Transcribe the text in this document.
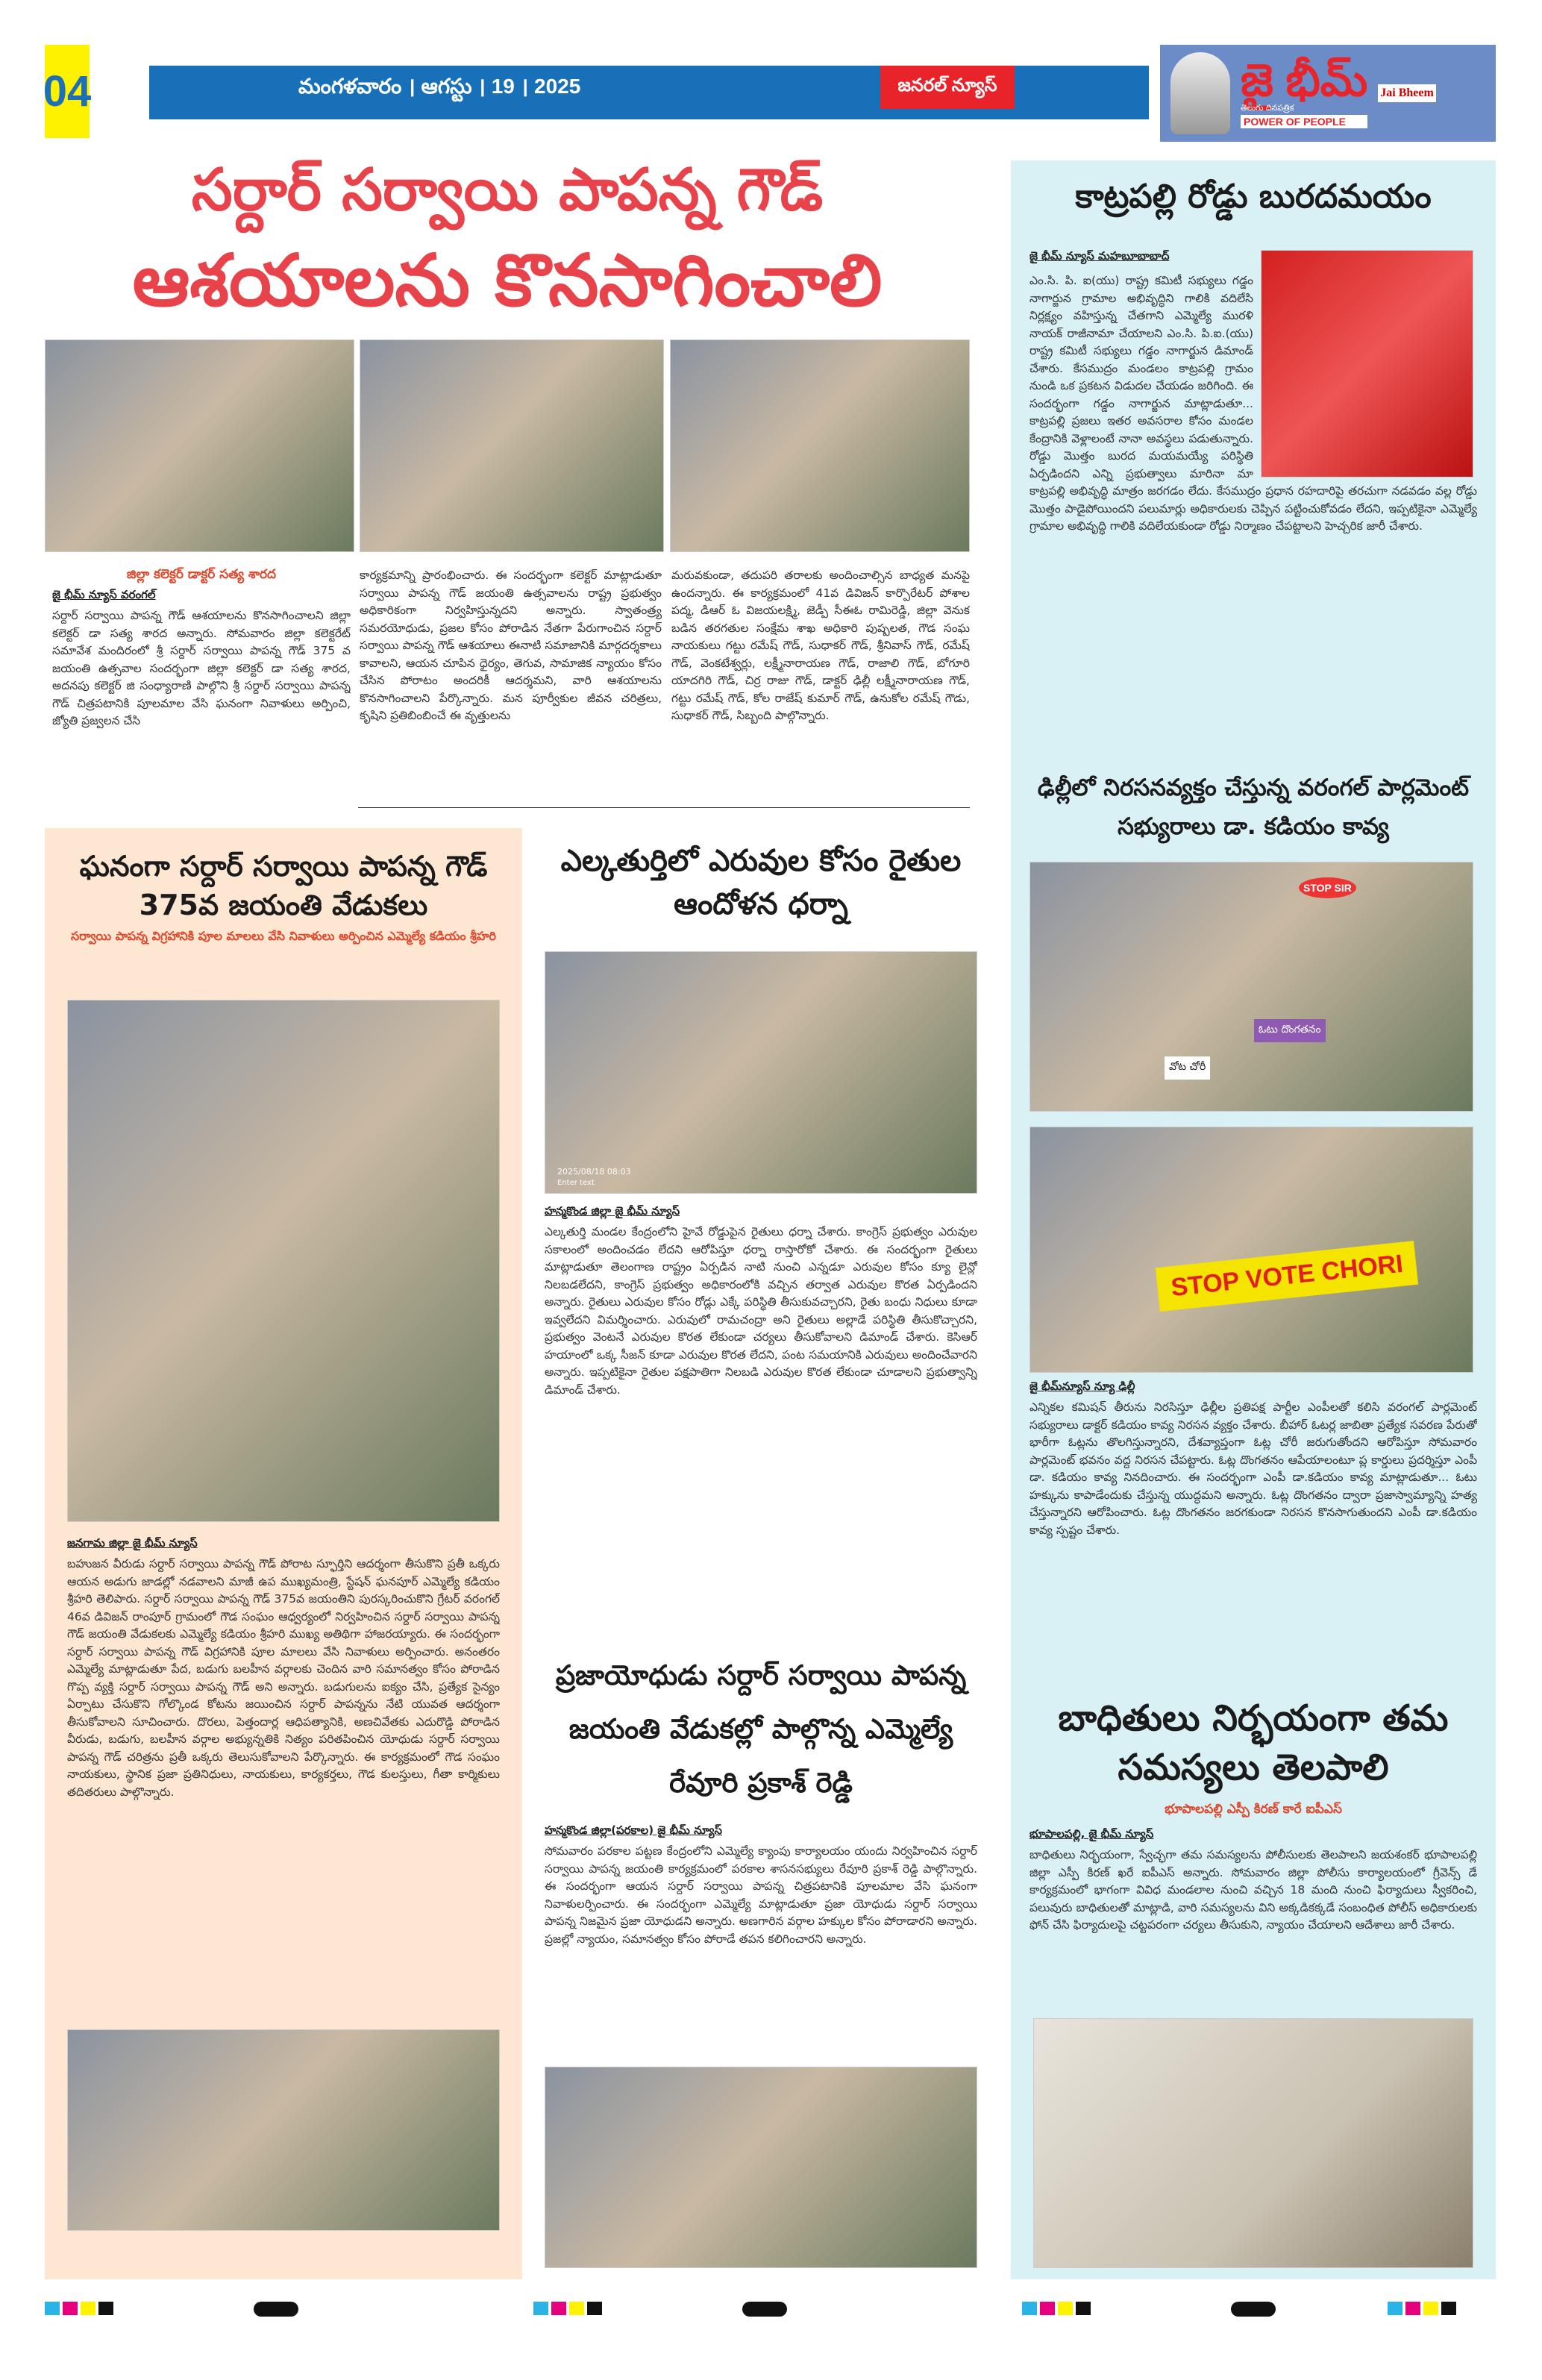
04	మంగళవారం । ఆగస్టు । 19 । 2025	జనరల్ న్యూస్	జై భీమ్
తెలుగు దినపత్రిక
POWER OF PEOPLE
Jai Bheem
సర్దార్ సర్వాయి పాపన్న గౌడ్
ఆశయాలను కొనసాగించాలి
జిల్లా కలెక్టర్ డాక్టర్ సత్య శారద
జై భీమ్ న్యూస్ వరంగల్
సర్దార్ సర్వాయి పాపన్న గౌడ్ ఆశయాలను కొనసాగించాలని జిల్లా కలెక్టర్ డా సత్య శారద అన్నారు. సోమవారం జిల్లా కలెక్టరేట్ సమావేశ మందిరంలో శ్రీ సర్దార్ సర్వాయి పాపన్న గౌడ్ 375 వ జయంతి ఉత్సవాల సందర్భంగా జిల్లా కలెక్టర్ డా సత్య శారద, అదనపు కలెక్టర్ జి సంధ్యారాణి పాల్గొని శ్రీ సర్దార్ సర్వాయి పాపన్న గౌడ్ చిత్రపటానికి పూలమాల వేసి ఘనంగా నివాళులు అర్పించి, జ్యోతి ప్రజ్వలన చేసి
కార్యక్రమాన్ని ప్రారంభించారు. ఈ సందర్భంగా కలెక్టర్ మాట్లాడుతూ సర్వాయి పాపన్న గౌడ్ జయంతి ఉత్సవాలను రాష్ట్ర ప్రభుత్వం అధికారికంగా నిర్వహిస్తున్నదని అన్నారు. స్వాతంత్ర్య సమరయోధుడు, ప్రజల కోసం పోరాడిన నేతగా పేరుగాంచిన సర్దార్ సర్వాయి పాపన్న గౌడ్ ఆశయాలు ఈనాటి సమాజానికి మార్గదర్శకాలు కావాలని, ఆయన చూపిన ధైర్యం, తెగువ, సామాజిక న్యాయం కోసం చేసిన పోరాటం అందరికీ ఆదర్శమని, వారి ఆశయాలను కొనసాగించాలని పేర్కొన్నారు. మన పూర్వీకుల జీవన చరిత్రలు, కృషిని ప్రతిబింబించే ఈ వృత్తులను
మరువకుండా, తదుపరి తరాలకు అందించాల్సిన బాధ్యత మనపై ఉందన్నారు. ఈ కార్యక్రమంలో 41వ డివిజన్ కార్పొరేటర్ పోశాల పద్మ, డిఆర్ ఓ విజయలక్ష్మి, జెడ్పీ సీఈఓ రామిరెడ్డి, జిల్లా వెనుక బడిన తరగతుల సంక్షేమ శాఖ అధికారి పుష్పలత, గౌడ సంఘ నాయకులు గట్టు రమేష్ గౌడ్, సుధాకర్ గౌడ్, శ్రీనివాస్ గౌడ్, రమేష్ గౌడ్, వెంకటేశ్వర్లు, లక్ష్మీనారాయణ గౌడ్, రాజాలి గౌడ్, బోగూరి యాదగిరి గౌడ్, చిర్ర రాజు గౌడ్, డాక్టర్ ఢిల్లీ లక్ష్మీనారాయణ గౌడ్, గట్టు రమేష్ గౌడ్, కోల రాజేష్ కుమార్ గౌడ్, ఉనుకోల రమేష్ గౌడు, సుధాకర్ గౌడ్, సిబ్బంది పాల్గొన్నారు.
ఘనంగా సర్దార్ సర్వాయి పాపన్న గౌడ్ 375వ జయంతి వేడుకలు
సర్వాయి పాపన్న విగ్రహానికి పూల మాలలు వేసి నివాళులు అర్పించిన ఎమ్మెల్యే కడియం శ్రీహరి
జనగామ జిల్లా జై భీమ్ న్యూస్
బహుజన వీరుడు సర్దార్ సర్వాయి పాపన్న గౌడ్ పోరాట స్ఫూర్తిని ఆదర్శంగా తీసుకొని ప్రతీ ఒక్కరు ఆయన అడుగు జాడల్లో నడవాలని మాజీ ఉప ముఖ్యమంత్రి, స్టేషన్ ఘనపూర్ ఎమ్మెల్యే కడియం శ్రీహరి తెలిపారు. సర్దార్ సర్వాయి పాపన్న గౌడ్ 375వ జయంతిని పురస్కరించుకొని గ్రేటర్ వరంగల్ 46వ డివిజన్ రాంపూర్ గ్రామంలో గౌడ సంఘం ఆధ్వర్యంలో నిర్వహించిన సర్దార్ సర్వాయి పాపన్న గౌడ్ జయంతి వేడుకలకు ఎమ్మెల్యే కడియం శ్రీహరి ముఖ్య అతిథిగా హాజరయ్యారు. ఈ సందర్భంగా సర్దార్ సర్వాయి పాపన్న గౌడ్ విగ్రహానికి పూల మాలలు వేసి నివాళులు అర్పించారు. అనంతరం ఎమ్మెల్యే మాట్లాడుతూ పేద, బడుగు బలహీన వర్గాలకు చెందిన వారి సమానత్వం కోసం పోరాడిన గొప్ప వ్యక్తి సర్దార్ సర్వాయి పాపన్న గౌడ్ అని అన్నారు. బడుగులను ఐక్యం చేసి, ప్రత్యేక సైన్యం ఏర్పాటు చేసుకొని గోల్కొండ కోటను జయించిన సర్దార్ పాపన్నను నేటి యువత ఆదర్శంగా తీసుకోవాలని సూచించారు. దొరలు, పెత్తందార్ల ఆధిపత్యానికి, అణచివేతకు ఎదురొడ్డి పోరాడిన వీరుడు, బడుగు, బలహీన వర్గాల అభ్యున్నతికి నిత్యం పరితపించిన యోధుడు సర్దార్ సర్వాయి పాపన్న గౌడ్ చరిత్రను ప్రతీ ఒక్కరు తెలుసుకోవాలని పేర్కొన్నారు. ఈ కార్యక్రమంలో గౌడ సంఘం నాయకులు, స్థానిక ప్రజా ప్రతినిధులు, నాయకులు, కార్యకర్తలు, గౌడ కులస్తులు, గీతా కార్మికులు తదితరులు పాల్గొన్నారు.
ఎల్కతుర్తిలో ఎరువుల కోసం రైతుల ఆందోళన ధర్నా
2025/08/18 08:03
Enter text
హన్మకొండ జిల్లా జై భీమ్ న్యూస్
ఎల్కతుర్తి మండల కేంద్రంలోని హైవే రోడ్డుపైన రైతులు ధర్నా చేశారు. కాంగ్రెస్ ప్రభుత్వం ఎరువుల సకాలంలో అందించడం లేదని ఆరోపిస్తూ ధర్నా రాస్తారోకో చేశారు. ఈ సందర్భంగా రైతులు మాట్లాడుతూ తెలంగాణ రాష్ట్రం ఏర్పడిన నాటి నుంచి ఎన్నడూ ఎరువుల కోసం క్యూ లైన్లో నిలబడలేదని, కాంగ్రెస్ ప్రభుత్వం అధికారంలోకి వచ్చిన తర్వాత ఎరువుల కొరత ఏర్పడిందని అన్నారు. రైతులు ఎరువుల కోసం రోడ్లు ఎక్కే పరిస్థితి తీసుకువచ్చారని, రైతు బంధు నిధులు కూడా ఇవ్వలేదని విమర్శించారు. ఎరువులో రామచంద్రా అని రైతులు అల్లాడే పరిస్థితి తీసుకొచ్చారని, ప్రభుత్వం వెంటనే ఎరువుల కొరత లేకుండా చర్యలు తీసుకోవాలని డిమాండ్ చేశారు. కెసిఆర్ హయాంలో ఒక్క సీజన్ కూడా ఎరువుల కొరత లేదని, పంట సమయానికి ఎరువులు అందించేవారని అన్నారు. ఇప్పటికైనా రైతుల పక్షపాతిగా నిలబడి ఎరువుల కొరత లేకుండా చూడాలని ప్రభుత్వాన్ని డిమాండ్ చేశారు.
ప్రజాయోధుడు సర్దార్ సర్వాయి పాపన్న జయంతి వేడుకల్లో పాల్గొన్న ఎమ్మెల్యే రేవూరి ప్రకాశ్ రెడ్డి
హన్మకొండ జిల్లా(పరకాల) జై భీమ్ న్యూస్
సోమవారం పరకాల పట్టణ కేంద్రంలోని ఎమ్మెల్యే క్యాంపు కార్యాలయం యందు నిర్వహించిన సర్దార్ సర్వాయి పాపన్న జయంతి కార్యక్రమంలో పరకాల శాసనసభ్యులు రేవూరి ప్రకాశ్ రెడ్డి పాల్గొన్నారు. ఈ సందర్భంగా ఆయన సర్దార్ సర్వాయి పాపన్న చిత్రపటానికి పూలమాల వేసి ఘనంగా నివాళులర్పించారు. ఈ సందర్భంగా ఎమ్మెల్యే మాట్లాడుతూ ప్రజా యోధుడు సర్దార్ సర్వాయి పాపన్న నిజమైన ప్రజా యోధుడని అన్నారు. అణగారిన వర్గాల హక్కుల కోసం పోరాడారని అన్నారు. ప్రజల్లో న్యాయం, సమానత్వం కోసం పోరాడే తపన కలిగించారని అన్నారు.
కాట్రపల్లి రోడ్డు బురదమయం
జై భీమ్ న్యూస్ మహబూబాబాద్
ఎం.సి. పి. ఐ(యు) రాష్ట్ర కమిటీ సభ్యులు గడ్డం నాగార్జున గ్రామాల అభివృద్ధిని గాలికి వదిలేసి నిర్లక్ష్యం వహిస్తున్న చేతగాని ఎమ్మెల్యే మురళి నాయక్ రాజీనామా చేయాలని ఎం.సి. పి.ఐ.(యు) రాష్ట్ర కమిటీ సభ్యులు గడ్డం నాగార్జున డిమాండ్ చేశారు. కేసముద్రం మండలం కాట్రపల్లి గ్రామం నుండి ఒక ప్రకటన విడుదల చేయడం జరిగింది. ఈ సందర్భంగా గడ్డం నాగార్జున మాట్లాడుతూ... కాట్రపల్లి ప్రజలు ఇతర అవసరాల కోసం మండల కేంద్రానికి వెళ్లాలంటే నానా అవస్థలు పడుతున్నారు. రోడ్డు మొత్తం బురద మయమయ్యే పరిస్థితి ఏర్పడిందని ఎన్ని ప్రభుత్వాలు మారినా మా కాట్రపల్లి అభివృద్ధి మాత్రం జరగడం లేదు. కేసముద్రం ప్రధాన రహదారిపై తరచుగా నడవడం వల్ల రోడ్డు మొత్తం పాడైపోయిందని పలుమార్లు అధికారులకు చెప్పిన పట్టించుకోవడం లేదని, ఇప్పటికైనా ఎమ్మెల్యే గ్రామాల అభివృద్ధి గాలికి వదిలేయకుండా రోడ్డు నిర్మాణం చేపట్టాలని హెచ్చరిక జారీ చేశారు.
ఢిల్లీలో నిరసనవ్యక్తం చేస్తున్న వరంగల్ పార్లమెంట్ సభ్యురాలు డా. కడియం కావ్య
STOP SIR
ఓటు దొంగతనం
వోట చోరీ
STOP VOTE CHORI
జై భీమ్‌న్యూస్ న్యూ ఢిల్లీ
ఎన్నికల కమిషన్ తీరును నిరసిస్తూ ఢిల్లీల ప్రతిపక్ష పార్టీల ఎంపీలతో కలిసి వరంగల్ పార్లమెంట్ సభ్యురాలు డాక్టర్ కడియం కావ్య నిరసన వ్యక్తం చేశారు. బీహార్ ఓటర్ల జాబితా ప్రత్యేక సవరణ పేరుతో భారీగా ఓట్లను తొలగిస్తున్నారని, దేశవ్యాప్తంగా ఓట్ల చోరీ జరుగుతోందని ఆరోపిస్తూ సోమవారం పార్లమెంట్ భవనం వద్ద నిరసన చేపట్టారు. ఓట్ల దొంగతనం ఆపేయాలంటూ ప్ల కార్డులు ప్రదర్శిస్తూ ఎంపీ డా. కడియం కావ్య నినదించారు. ఈ సందర్భంగా ఎంపీ డా.కడియం కావ్య మాట్లాడుతూ... ఓటు హక్కును కాపాడేందుకు చేస్తున్న యుద్ధమని అన్నారు. ఓట్ల దొంగతనం ద్వారా ప్రజాస్వామ్యాన్ని హత్య చేస్తున్నారని ఆరోపించారు. ఓట్ల దొంగతనం జరగకుండా నిరసన కొనసాగుతుందని ఎంపీ డా.కడియం కావ్య స్పష్టం చేశారు.
బాధితులు నిర్భయంగా తమ సమస్యలు తెలపాలి
భూపాలపల్లి ఎస్పీ కిరణ్ కారే ఐపీఎస్
భూపాలపల్లి, జై భీమ్ న్యూస్
బాధితులు నిర్భయంగా, స్వేచ్ఛగా తమ సమస్యలను పోలీసులకు తెలపాలని జయశంకర్ భూపాలపల్లి జిల్లా ఎస్పీ కిరణ్ ఖరే ఐపీఎస్ అన్నారు. సోమవారం జిల్లా పోలీసు కార్యాలయంలో గ్రీవెన్స్ డే కార్యక్రమంలో భాగంగా వివిధ మండలాల నుంచి వచ్చిన 18 మంది నుంచి ఫిర్యాదులు స్వీకరించి, పలువురు బాధితులతో మాట్లాడి, వారి సమస్యలను విని అక్కడికక్కడే సంబంధిత పోలీస్ అధికారులకు ఫోన్ చేసి ఫిర్యాదులపై చట్టపరంగా చర్యలు తీసుకుని, న్యాయం చేయాలని ఆదేశాలు జారీ చేశారు.
